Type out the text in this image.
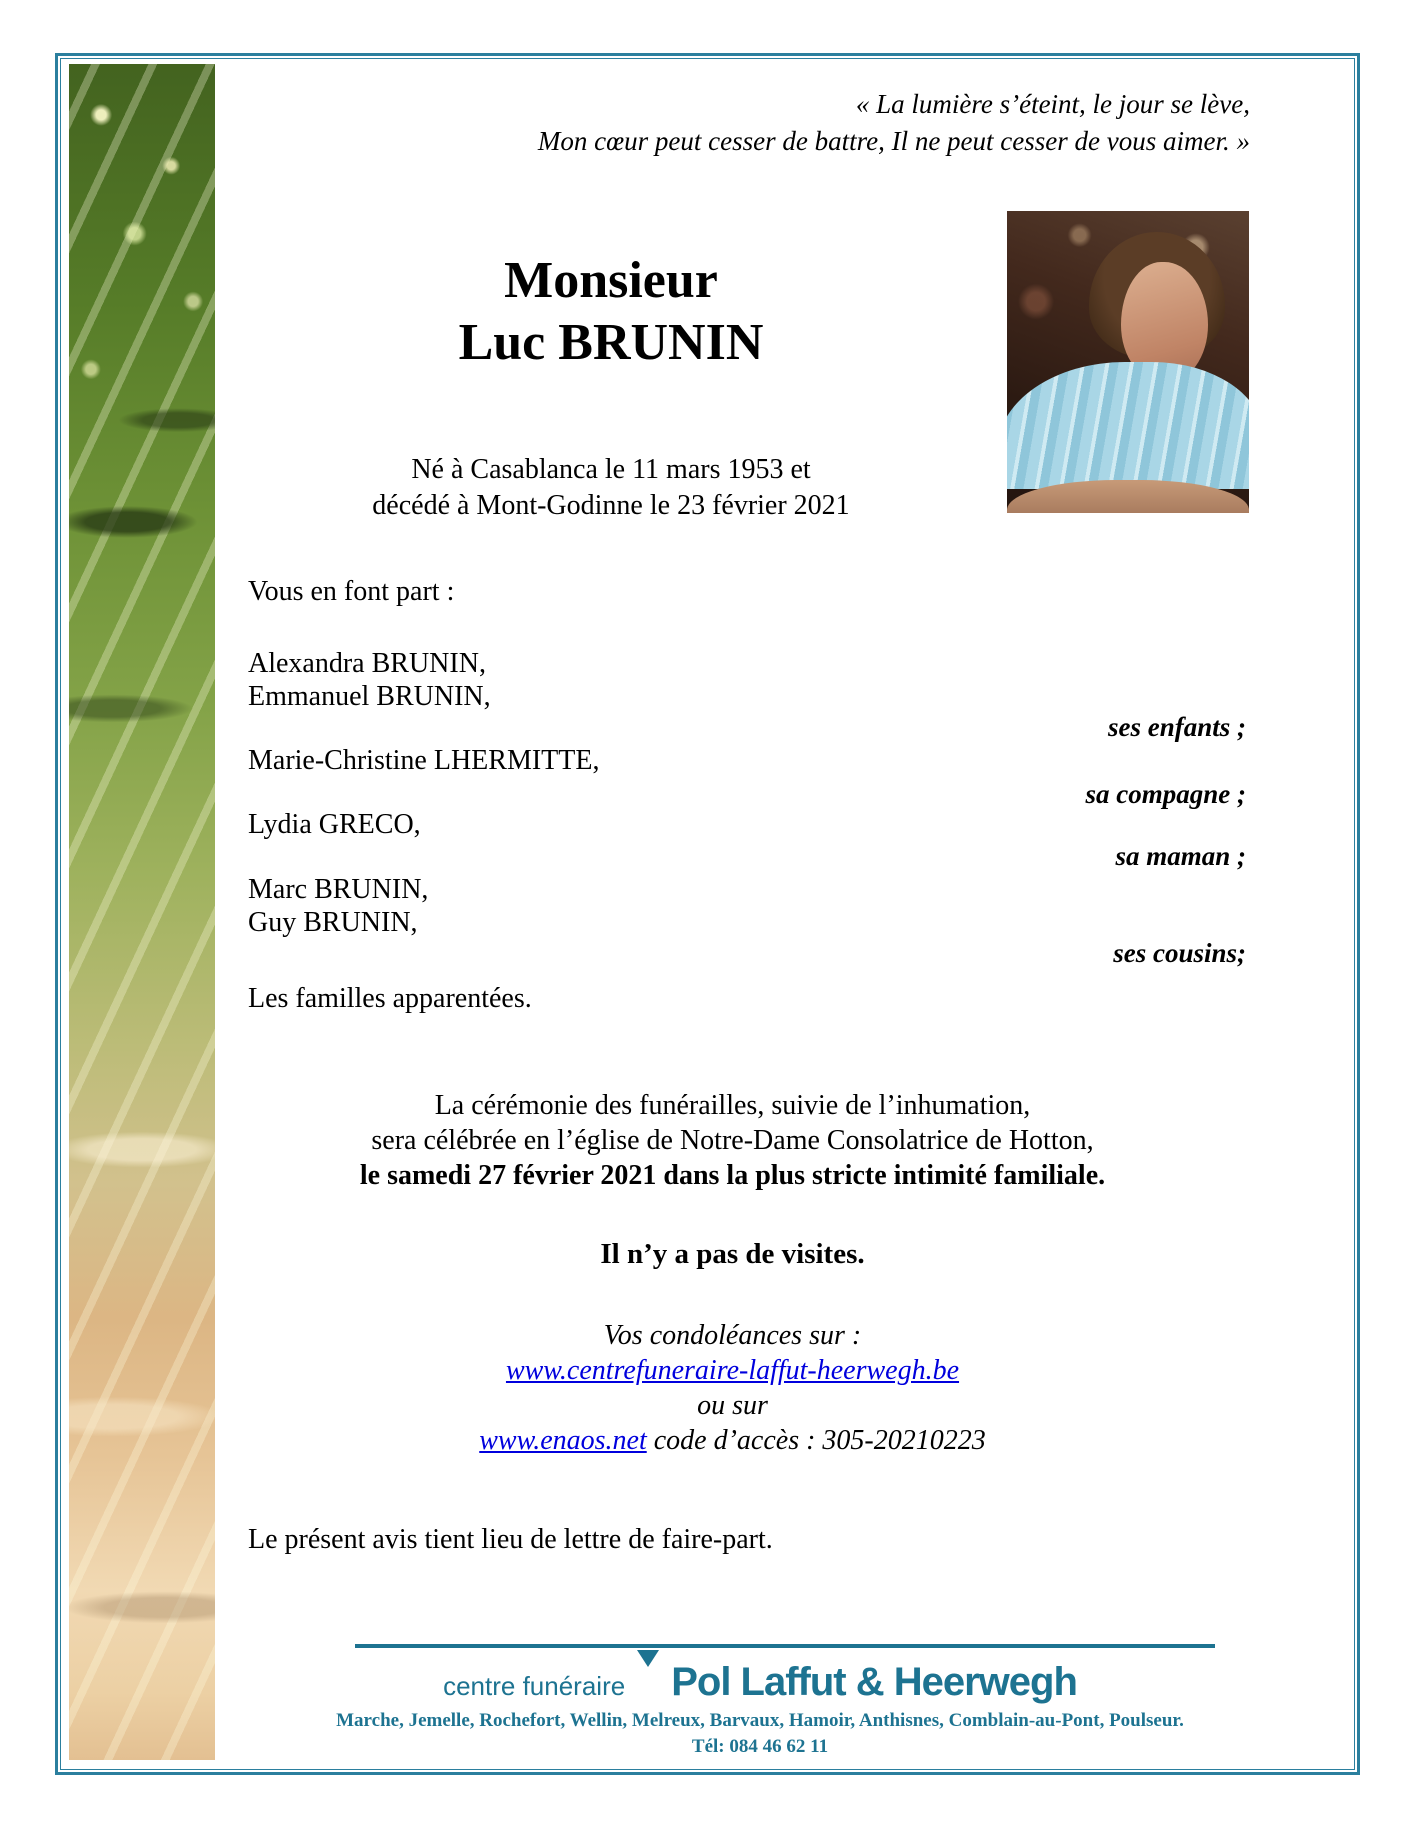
« La lumière s’éteint, le jour se lève,
Mon cœur peut cesser de battre, Il ne peut cesser de vous aimer. »
Monsieur
Luc BRUNIN
Né à Casablanca le 11 mars 1953 et
décédé à Mont-Godinne le 23 février 2021
Vous en font part :
Alexandra BRUNIN,
Emmanuel BRUNIN,
ses enfants ;
Marie-Christine LHERMITTE,
sa compagne ;
Lydia GRECO,
sa maman ;
Marc BRUNIN,
Guy BRUNIN,
ses cousins;
Les familles apparentées.
La cérémonie des funérailles, suivie de l’inhumation,
sera célébrée en l’église de Notre-Dame Consolatrice de Hotton,
le samedi 27 février 2021 dans la plus stricte intimité familiale.
Il n’y a pas de visites.
Vos condoléances sur :
www.centrefuneraire-laffut-heerwegh.be
ou sur
www.enaos.net code d’accès : 305-20210223
Le présent avis tient lieu de lettre de faire-part.
centre funéraire Pol Laffut & Heerwegh
Marche, Jemelle, Rochefort, Wellin, Melreux, Barvaux, Hamoir, Anthisnes, Comblain-au-Pont, Poulseur.
Tél: 084 46 62 11
